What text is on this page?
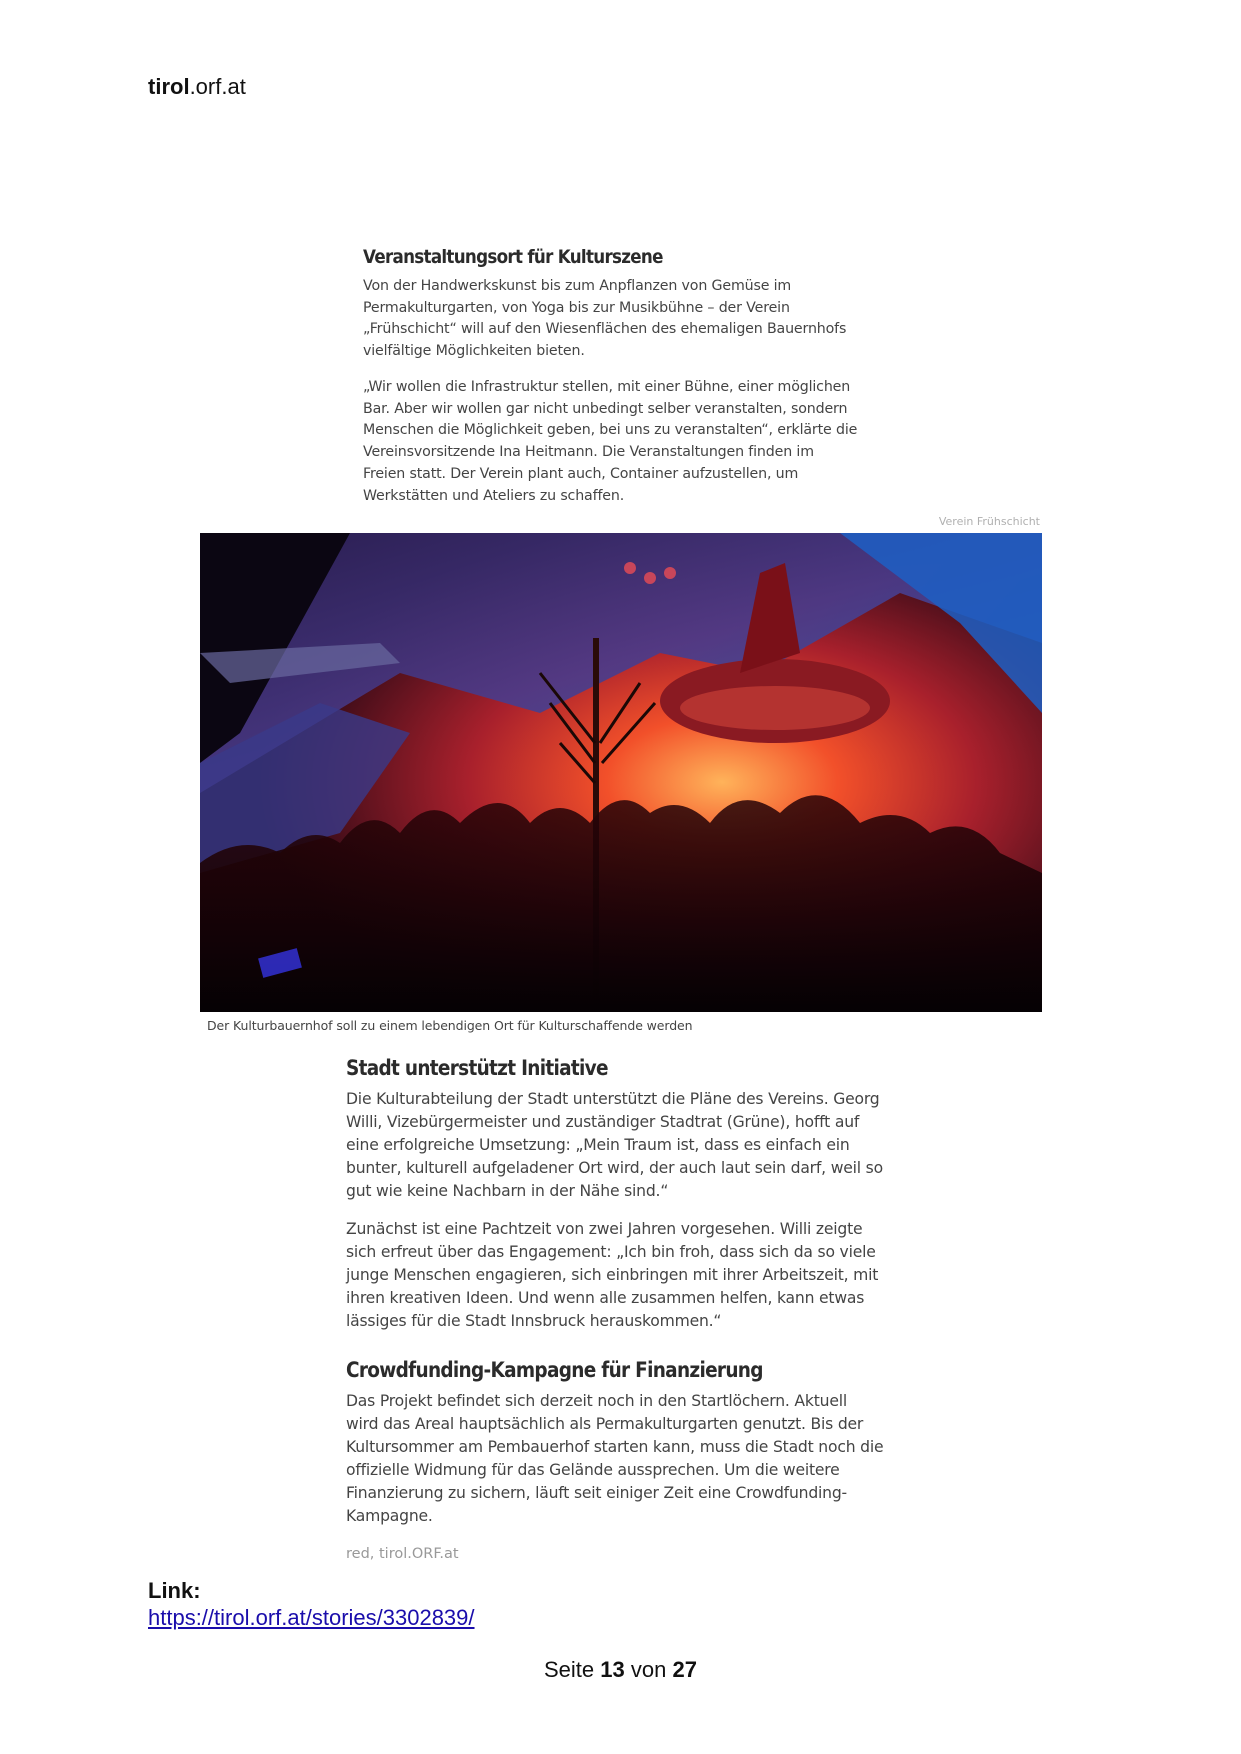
tirol.orf.at
Veranstaltungsort für Kulturszene
Von der Handwerkskunst bis zum Anpflanzen von Gemüse im
Permakulturgarten, von Yoga bis zur Musikbühne – der Verein
„Frühschicht“ will auf den Wiesenflächen des ehemaligen Bauernhofs
vielfältige Möglichkeiten bieten.
„Wir wollen die Infrastruktur stellen, mit einer Bühne, einer möglichen
Bar. Aber wir wollen gar nicht unbedingt selber veranstalten, sondern
Menschen die Möglichkeit geben, bei uns zu veranstalten“, erklärte die
Vereinsvorsitzende Ina Heitmann. Die Veranstaltungen finden im
Freien statt. Der Verein plant auch, Container aufzustellen, um
Werkstätten und Ateliers zu schaffen.
Verein Frühschicht
Der Kulturbauernhof soll zu einem lebendigen Ort für Kulturschaffende werden
Stadt unterstützt Initiative
Die Kulturabteilung der Stadt unterstützt die Pläne des Vereins. Georg
Willi, Vizebürgermeister und zuständiger Stadtrat (Grüne), hofft auf
eine erfolgreiche Umsetzung: „Mein Traum ist, dass es einfach ein
bunter, kulturell aufgeladener Ort wird, der auch laut sein darf, weil so
gut wie keine Nachbarn in der Nähe sind.“
Zunächst ist eine Pachtzeit von zwei Jahren vorgesehen. Willi zeigte
sich erfreut über das Engagement: „Ich bin froh, dass sich da so viele
junge Menschen engagieren, sich einbringen mit ihrer Arbeitszeit, mit
ihren kreativen Ideen. Und wenn alle zusammen helfen, kann etwas
lässiges für die Stadt Innsbruck herauskommen.“
Crowdfunding-Kampagne für Finanzierung
Das Projekt befindet sich derzeit noch in den Startlöchern. Aktuell
wird das Areal hauptsächlich als Permakulturgarten genutzt. Bis der
Kultursommer am Pembauerhof starten kann, muss die Stadt noch die
offizielle Widmung für das Gelände aussprechen. Um die weitere
Finanzierung zu sichern, läuft seit einiger Zeit eine Crowdfunding-
Kampagne.
red, tirol.ORF.at
Link:
https://tirol.orf.at/stories/3302839/
Seite 13 von 27
